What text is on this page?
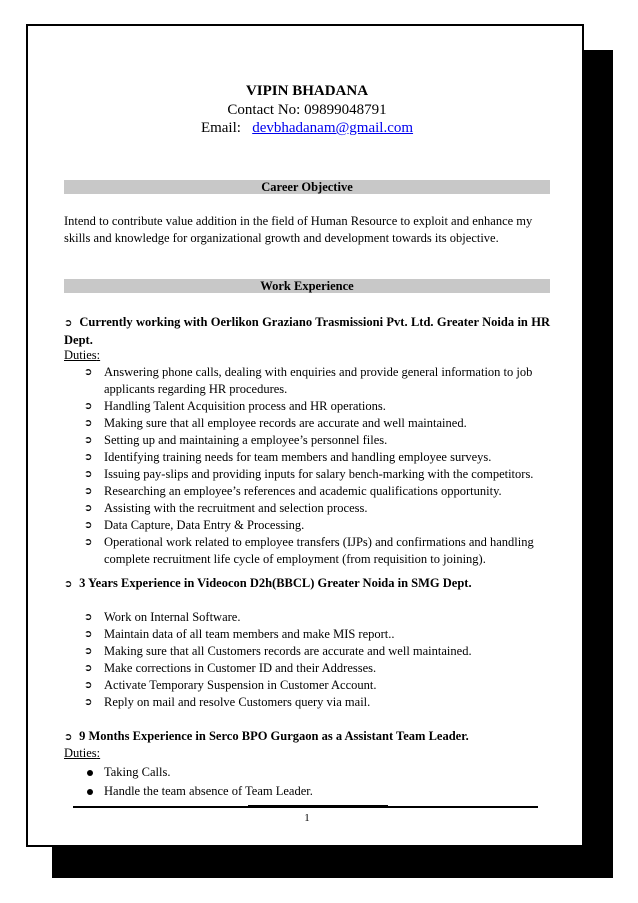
VIPIN BHADANA
Contact No: 09899048791
Email: devbhadanam@gmail.com
Career Objective
Intend to contribute value addition in the field of Human Resource to exploit and enhance my skills and knowledge for organizational growth and development towards its objective.
Work Experience
➲ Currently working with Oerlikon Graziano Trasmissioni Pvt. Ltd. Greater Noida in HR Dept.
Duties:
➲ Answering phone calls, dealing with enquiries and provide general information to job applicants regarding HR procedures.
➲ Handling Talent Acquisition process and HR operations.
➲ Making sure that all employee records are accurate and well maintained.
➲ Setting up and maintaining a employee’s personnel files.
➲ Identifying training needs for team members and handling employee surveys.
➲ Issuing pay-slips and providing inputs for salary bench-marking with the competitors.
➲ Researching an employee’s references and academic qualifications opportunity.
➲ Assisting with the recruitment and selection process.
➲ Data Capture, Data Entry & Processing.
➲ Operational work related to employee transfers (IJPs) and confirmations and handling complete recruitment life cycle of employment (from requisition to joining).
➲ 3 Years Experience in Videocon D2h(BBCL) Greater Noida in SMG Dept.
➲ Work on Internal Software.
➲ Maintain data of all team members and make MIS report..
➲ Making sure that all Customers records are accurate and well maintained.
➲ Make corrections in Customer ID and their Addresses.
➲ Activate Temporary Suspension in Customer Account.
➲ Reply on mail and resolve Customers query via mail.
➲ 9 Months Experience in Serco BPO Gurgaon as a Assistant Team Leader.
Duties:
Taking Calls.
Handle the team absence of Team Leader.
1
